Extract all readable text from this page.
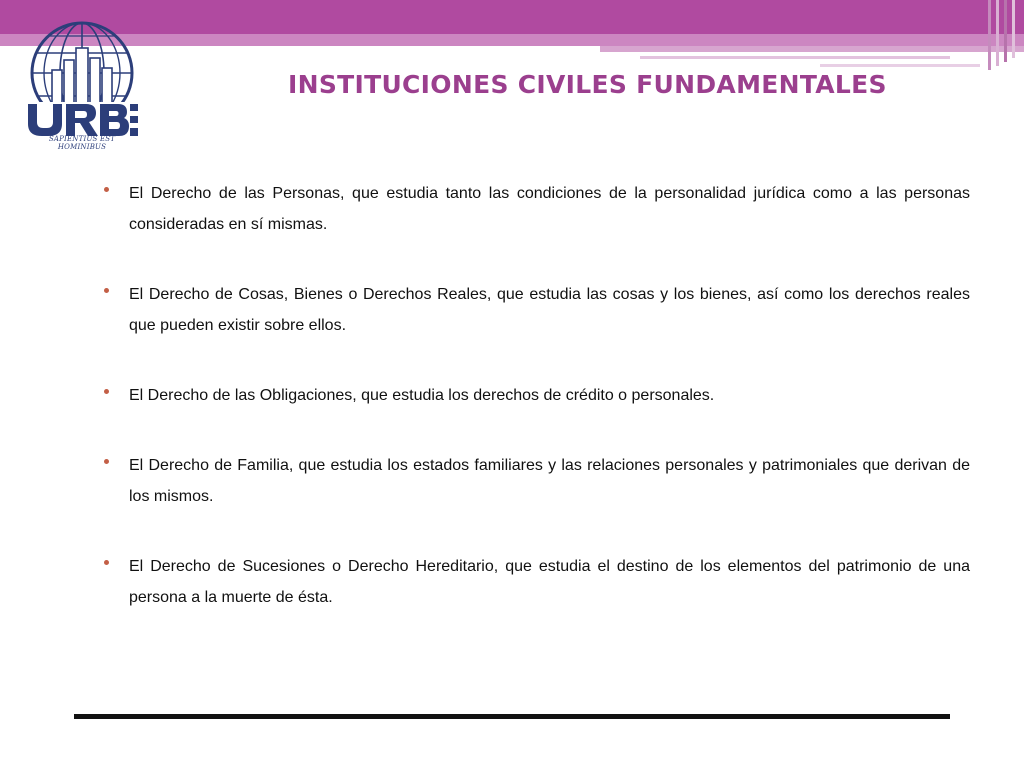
SAPIENTIUS EST HOMINIBUS
INSTITUCIONES CIVILES FUNDAMENTALES

El Derecho de las Personas, que estudia tanto las condiciones de la personalidad jurídica como a las personas consideradas en sí mismas.

El Derecho de Cosas, Bienes o Derechos Reales, que estudia las cosas y los bienes, así como los derechos reales que pueden existir sobre ellos.

El Derecho de las Obligaciones, que estudia los derechos de crédito o personales.

El Derecho de Familia, que estudia los estados familiares y las relaciones personales y patrimoniales que derivan de los mismos.

El Derecho de Sucesiones o Derecho Hereditario, que estudia el destino de los elementos del patrimonio de una persona a la muerte de ésta.
